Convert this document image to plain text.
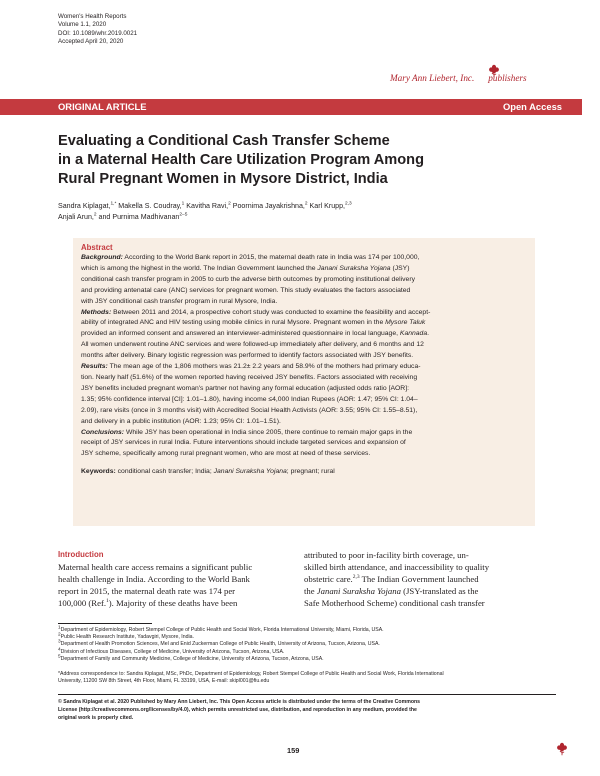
Women's Health Reports
Volume 1.1, 2020
DOI: 10.1089/whr.2019.0021
Accepted April 20, 2020
Mary Ann Liebert, Inc. publishers
ORIGINAL ARTICLE	Open Access
Evaluating a Conditional Cash Transfer Scheme
in a Maternal Health Care Utilization Program Among
Rural Pregnant Women in Mysore District, India
Sandra Kiplagat,$^{1,*}$ Makella S. Coudray,$^1$ Kavitha Ravi,$^2$ Poornima Jayakrishna,$^2$ Karl Krupp,$^{2,3}$
Anjali Arun,$^2$ and Purnima Madhivanan$^{2-5}$
Abstract
Background: According to the World Bank report in 2015, the maternal death rate in India was 174 per 100,000,
which is among the highest in the world. The Indian Government launched the Janani Suraksha Yojana (JSY)
conditional cash transfer program in 2005 to curb the adverse birth outcomes by promoting institutional delivery
and providing antenatal care (ANC) services for pregnant women. This study evaluates the factors associated
with JSY conditional cash transfer program in rural Mysore, India.
Methods: Between 2011 and 2014, a prospective cohort study was conducted to examine the feasibility and accept-
ability of integrated ANC and HIV testing using mobile clinics in rural Mysore. Pregnant women in the Mysore Taluk
provided an informed consent and answered an interviewer-administered questionnaire in local language, Kannada.
All women underwent routine ANC services and were followed-up immediately after delivery, and 6 months and 12
months after delivery. Binary logistic regression was performed to identify factors associated with JSY benefits.
Results: The mean age of the 1,806 mothers was 21.2± 2.2 years and 58.9% of the mothers had primary educa-
tion. Nearly half (51.6%) of the women reported having received JSY benefits. Factors associated with receiving
JSY benefits included pregnant woman's partner not having any formal education (adjusted odds ratio [AOR]:
1.35; 95% confidence interval [CI]: 1.01–1.80), having income ≤4,000 Indian Rupees (AOR: 1.47; 95% CI: 1.04–
2.09), rare visits (once in 3 months visit) with Accredited Social Health Activists (AOR: 3.55; 95% CI: 1.55–8.51),
and delivery in a public institution (AOR: 1.23; 95% CI: 1.01–1.51).
Conclusions: While JSY has been operational in India since 2005, there continue to remain major gaps in the
receipt of JSY services in rural India. Future interventions should include targeted services and expansion of
JSY scheme, specifically among rural pregnant women, who are most at need of these services.
Keywords: conditional cash transfer; India; Janani Suraksha Yojana; pregnant; rural
Introduction
Maternal health care access remains a significant public
health challenge in India. According to the World Bank
report in 2015, the maternal death rate was 174 per
100,000 (Ref.$^1$). Majority of these deaths have been
attributed to poor in-facility birth coverage, un-
skilled birth attendance, and inaccessibility to quality
obstetric care.$^{2,3}$ The Indian Government launched
the Janani Suraksha Yojana (JSY-translated as the
Safe Motherhood Scheme) conditional cash transfer
$^1$Department of Epidemiology, Robert Stempel College of Public Health and Social Work, Florida International University, Miami, Florida, USA.
$^2$Public Health Research Institute, Yadavgiri, Mysore, India.
$^3$Department of Health Promotion Sciences, Mel and Enid Zuckerman College of Public Health, University of Arizona, Tucson, Arizona, USA.
$^4$Division of Infectious Diseases, College of Medicine, University of Arizona, Tucson, Arizona, USA.
$^5$Department of Family and Community Medicine, College of Medicine, University of Arizona, Tucson, Arizona, USA.
*Address correspondence to: Sandra Kiplagat, MSc, PhDc, Department of Epidemiology, Robert Stempel College of Public Health and Social Work, Florida International
University, 11200 SW 8th Street, 4th Floor, Miami, FL 33199, USA, E-mail: skipl001@fiu.edu
© Sandra Kiplagat et al. 2020 Published by Mary Ann Liebert, Inc. This Open Access article is distributed under the terms of the Creative Commons
License (http://creativecommons.org/licenses/by/4.0), which permits unrestricted use, distribution, and reproduction in any medium, provided the
original work is properly cited.
159
